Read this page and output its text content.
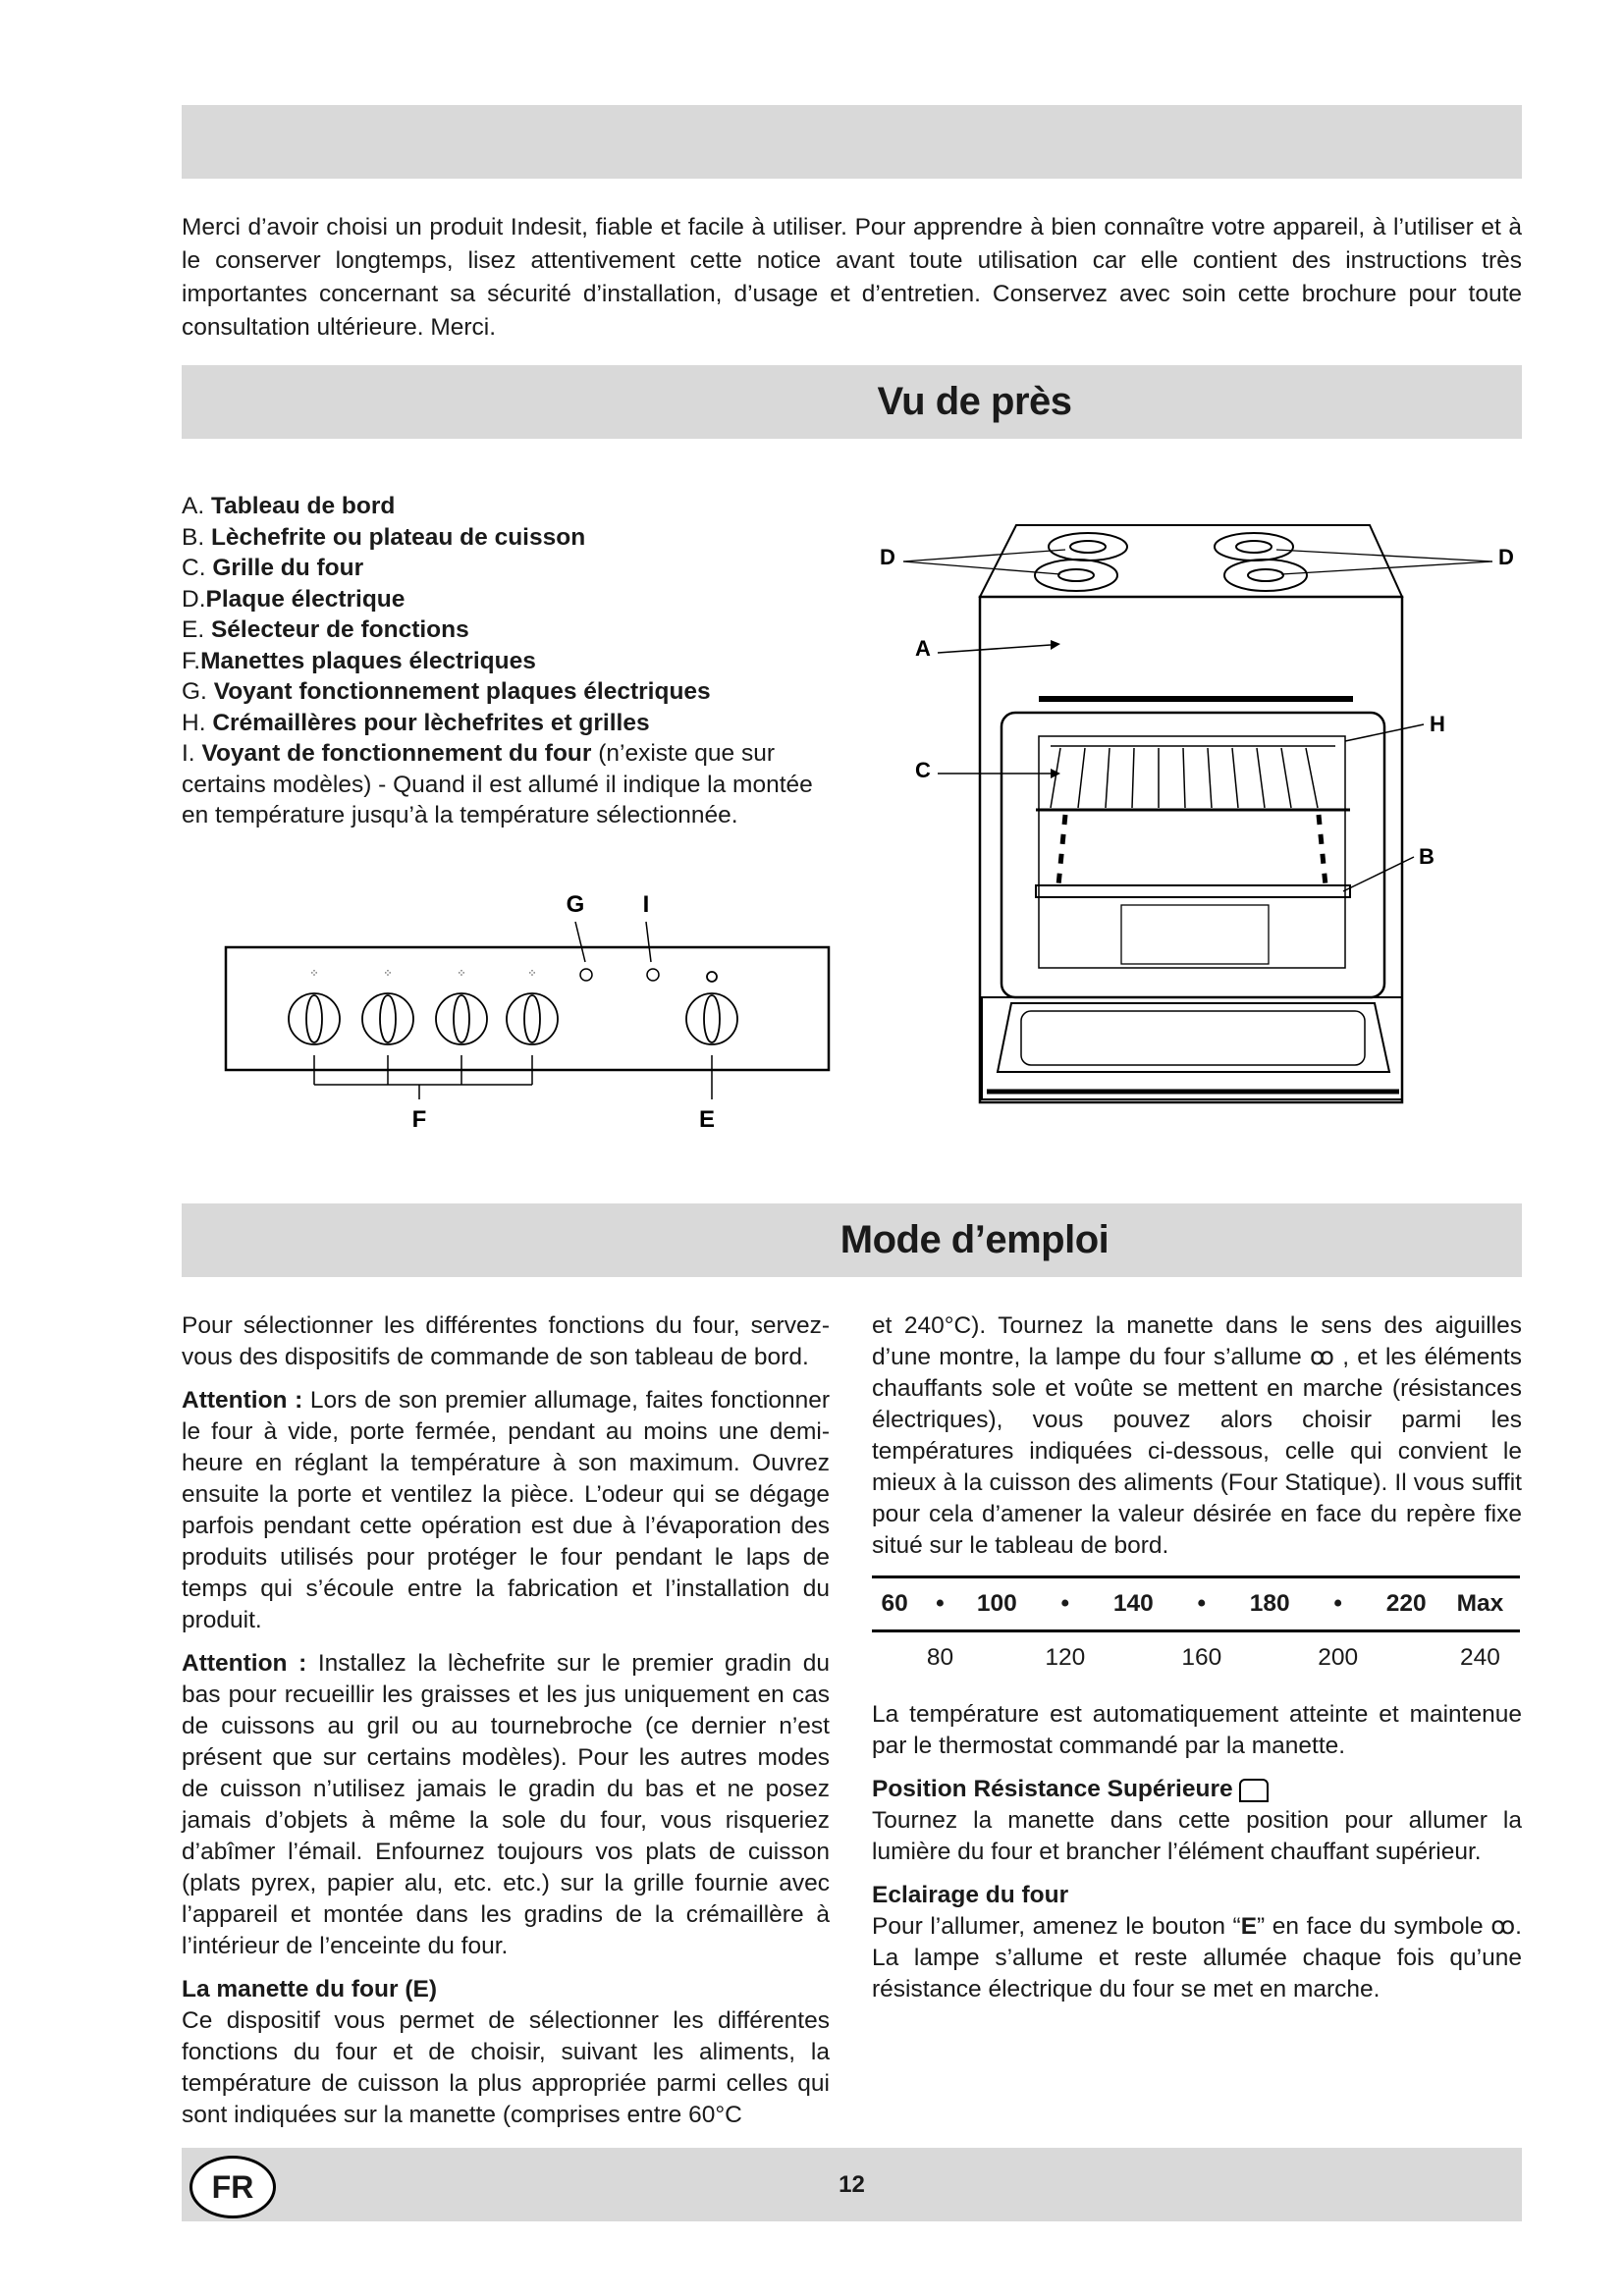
Merci d’avoir choisi un produit Indesit, fiable et facile à utiliser. Pour apprendre à bien connaître votre appareil, à l’utiliser et à le conserver longtemps, lisez attentivement cette notice avant toute utilisation car elle contient des instructions très importantes concernant sa sécurité d’installation, d’usage et d’entretien. Conservez avec soin cette brochure pour toute consultation ultérieure. Merci.

Vu de près
A. Tableau de bord
B. Lèchefrite ou plateau de cuisson
C. Grille du four
D.Plaque électrique
E. Sélecteur de fonctions
F.Manettes plaques électriques
G. Voyant fonctionnement plaques électriques
H. Crémaillères pour lèchefrites et grilles
I. Voyant de fonctionnement du four (n’existe que sur certains modèles) - Quand il est allumé il indique la montée en température jusqu’à la température sélectionnée.
G I
⁘	⁘	⁘	⁘
F	E
D	D
A
H
C
B
Mode d’emploi

Pour sélectionner les différentes fonctions du four, servez-vous des dispositifs de commande de son tableau de bord.

Attention : Lors de son premier allumage, faites fonctionner le four à vide, porte fermée, pendant au moins une demi-heure en réglant la température à son maximum. Ouvrez ensuite la porte et ventilez la pièce. L’odeur qui se dégage parfois pendant cette opération est due à l’évaporation des produits utilisés pour protéger le four pendant le laps de temps qui s’écoule entre la fabrication et l’installation du produit.

Attention : Installez la lèchefrite sur le premier gradin du bas pour recueillir les graisses et les jus uniquement en cas de cuissons au gril ou au tournebroche (ce dernier n’est présent que sur certains modèles). Pour les autres modes de cuisson n’utilisez jamais le gradin du bas et ne posez jamais d’objets à même la sole du four, vous risqueriez d’abîmer l’émail. Enfournez toujours vos plats de cuisson (plats pyrex, papier alu, etc. etc.) sur la grille fournie avec l’appareil et montée dans les gradins de la crémaillère à l’intérieur de l’enceinte du four.

La manette du four (E)

Ce dispositif vous permet de sélectionner les différentes fonctions du four et de choisir, suivant les aliments, la température de cuisson la plus appropriée parmi celles qui sont indiquées sur la manette (comprises entre 60°C

et 240°C). Tournez la manette dans le sens des aiguilles d’une montre, la lampe du four s’allume ꝏ , et les éléments chauffants sole et voûte se mettent en marche (résistances électriques), vous pouvez alors choisir parmi les températures indiquées ci-dessous, celle qui convient le mieux à la cuisson des aliments (Four Statique). Il vous suffit pour cela d’amener la valeur désirée en face du repère fixe situé sur le tableau de bord.

60	•	100	•	140	•	180	•	220	Max
	80		120		160		200		240

La température est automatiquement atteinte et maintenue par le thermostat commandé par la manette.

Position Résistance Supérieure

Tournez la manette dans cette position pour allumer la lumière du four et brancher l’élément chauffant supérieur.

Eclairage du four

Pour l’allumer, amenez le bouton “E” en face du symbole ꝏ. La lampe s’allume et reste allumée chaque fois qu’une résistance électrique du four se met en marche.

FR	12
